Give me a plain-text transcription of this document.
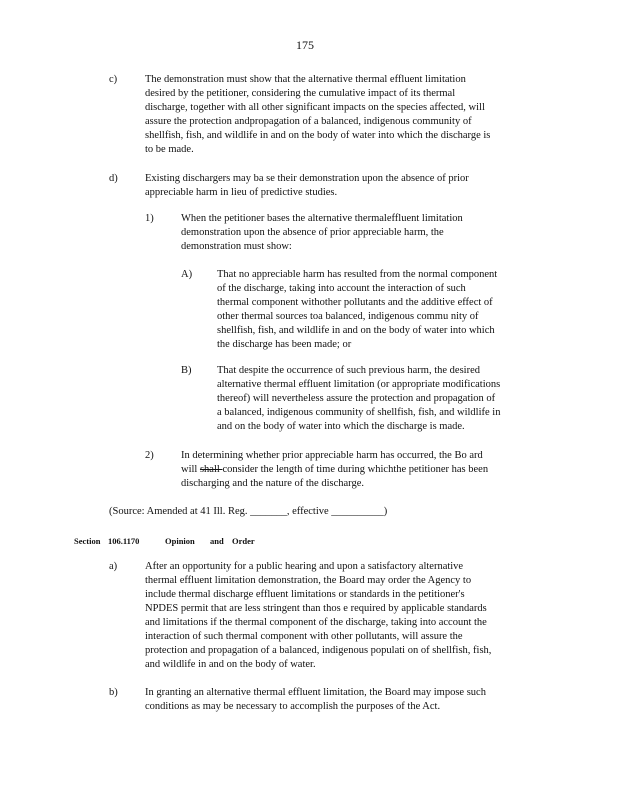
175
c)	The demonstration must show that the alternative thermal effluent limitation
desired by the petitioner, considering the cumulative impact of its thermal
discharge, together with all other significant impacts on the species affected, will
assure the protection andpropagation of a balanced, indigenous community of
shellfish, fish, and wildlife in and on the body of water into which the discharge is
to be made.
d)	Existing dischargers may ba se their demonstration upon the absence of prior
appreciable harm in lieu of predictive studies.
1)	When the petitioner bases the alternative thermaleffluent limitation
demonstration upon the absence of prior appreciable harm, the
demonstration must show:
A) That no appreciable harm has resulted from the normal component
of the discharge, taking into account the interaction of such
thermal component withother pollutants and the additive effect of
other thermal sources toa balanced, indigenous commu nity of
shellfish, fish, and wildlife in and on the body of water into which
the discharge has been made; or
B) That despite the occurrence of such previous harm, the desired
alternative thermal effluent limitation (or appropriate modifications
thereof) will nevertheless assure the protection and propagation of
a balanced, indigenous community of shellfish, fish, and wildlife in
and on the body of water into which the discharge is made.
2)	In determining whether prior appreciable harm has occurred, the Bo ard
will shall consider the length of time during whichthe petitioner has been
discharging and the nature of the discharge.
(Source: Amended at 41 Ill. Reg. _______, effective __________)
Section 106.1170	Opinion and Order
a)	After an opportunity for a public hearing and upon a satisfactory alternative
thermal effluent limitation demonstration, the Board may order the Agency to
include thermal discharge effluent limitations or standards in the petitioner's
NPDES permit that are less stringent than thos e required by applicable standards
and limitations if the thermal component of the discharge, taking into account the
interaction of such thermal component with other pollutants, will assure the
protection and propagation of a balanced, indigenous populati on of shellfish, fish,
and wildlife in and on the body of water.
b)	In granting an alternative thermal effluent limitation, the Board may impose such
conditions as may be necessary to accomplish the purposes of the Act.
